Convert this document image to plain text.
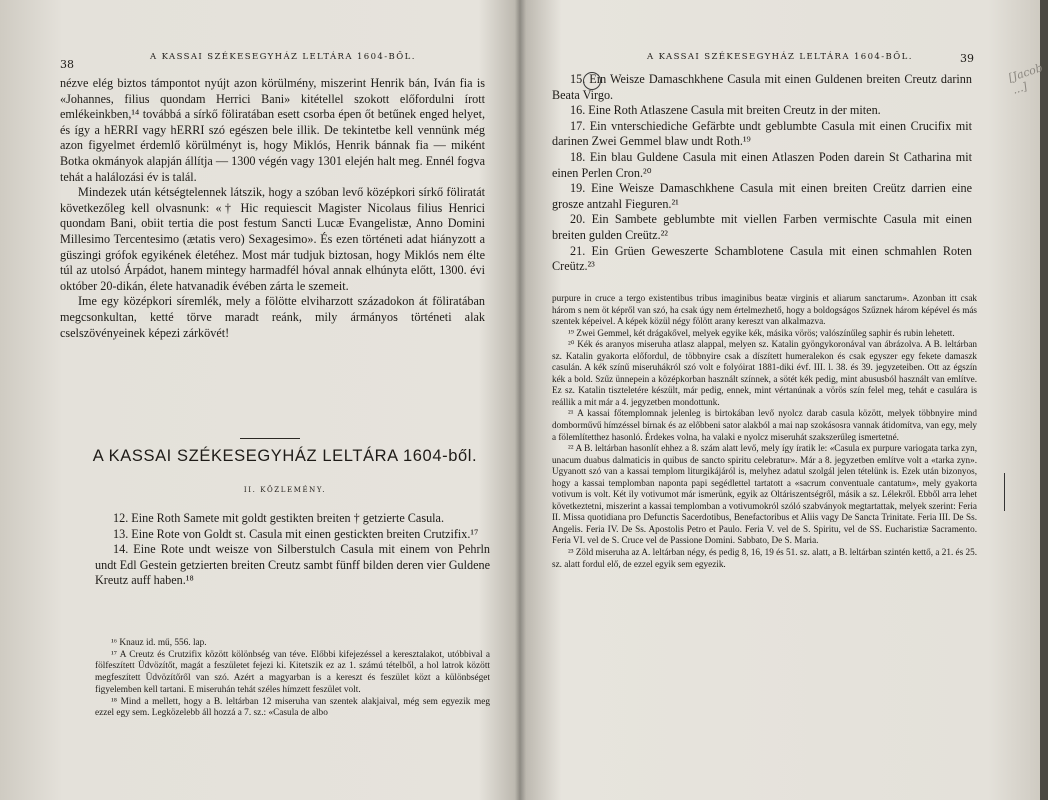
38
A KASSAI SZÉKESEGYHÁZ LELTÁRA 1604-BŐL.

nézve elég biztos támpontot nyújt azon körülmény, miszerint Henrik bán, Iván fia is «Johannes, filius quondam Herrici Bani» kitétellel szokott előfordulni írott emlékeinkben,¹⁴ továbbá a sírkő föliratában esett csorba épen őt betűnek enged helyet, és így a hERRI vagy hERRI szó egészen bele illik. De tekintetbe kell vennünk még azon figyelmet érdemlő körülményt is, hogy Miklós, Henrik bánnak fia — miként Botka okmányok alapján állítja — 1300 végén vagy 1301 elején halt meg. Ennél fogva tehát a halálozási év is talál.

Mindezek után kétségtelennek látszik, hogy a szóban levő középkori sírkő föliratát következőleg kell olvasnunk: «† Hic requiescit Magister Nicolaus filius Henrici quondam Bani, obiit tertia die post festum Sancti Lucæ Evangelistæ, Anno Domini Millesimo Tercentesimo (ætatis vero) Sexagesimo». És ezen történeti adat hiányzott a güszingi grófok egyikének életéhez. Most már tudjuk biztosan, hogy Miklós nem élte túl az utolsó Árpádot, hanem mintegy harmadfél hóval annak elhúnyta előtt, 1300. évi október 20-dikán, élete hatvanadik évében zárta le szemeit.

Ime egy középkori síremlék, mely a fölötte elviharzott századokon át föliratában megcsonkultan, ketté törve maradt reánk, mily ármányos történeti alak cselszövényeinek képezi zárkövét!

A KASSAI SZÉKESEGYHÁZ LELTÁRA 1604-ből.
II. KÖZLEMÉNY.

12. Eine Roth Samete mit goldt gestikten breiten † getzierte Casula.

13. Eine Rote von Goldt st. Casula mit einen gestickten breiten Crutzifix.¹⁷

14. Eine Rote undt weisze von Silberstulch Casula mit einem von Pehrln undt Edl Gestein getzierten breiten Creutz sambt fünff bilden deren vier Guldene Kreutz auff haben.¹⁸

¹⁶ Knauz id. mű, 556. lap.

¹⁷ A Creutz és Crutzifix között kölönbség van téve. Előbbi kifejezéssel a keresztalakot, utóbbival a fölfeszített Üdvözítőt, magát a feszületet fejezi ki. Kitetszik ez az 1. számú tételből, a hol latrok között megfeszített Üdvözítőről van szó. Azért a magyarban is a kereszt és feszület közt a különbséget figyelemben kell tartani. E miseruhán tehát széles hímzett feszület volt.

¹⁸ Mind a mellett, hogy a B. leltárban 12 miseruha van szentek alakjaival, még sem egyezik meg ezzel egy sem. Legközelebb áll hozzá a 7. sz.: «Casula de albo

A KASSAI SZÉKESEGYHÁZ LELTÁRA 1604-BŐL.	39

15. Ein Weisze Damaschkhene Casula mit einen Guldenen breiten Creutz darinn Beata Virgo.

16. Eine Roth Atlaszene Casula mit breiten Creutz in der miten.

17. Ein vnterschiediche Gefärbte undt geblumbte Casula mit einen Crucifix mit darinen Zwei Gemmel blaw undt Roth.¹⁹

18. Ein blau Guldene Casula mit einen Atlaszen Poden darein St Catharina mit einen Perlen Cron.²⁰

19. Eine Weisze Damaschkhene Casula mit einen breiten Creütz darrien eine grosze antzahl Fieguren.²¹

20. Ein Sambete geblumbte mit viellen Farben vermischte Casula mit einen breiten gulden Creütz.²²

21. Ein Grüen Geweszerte Schamblotene Casula mit einen schmahlen Roten Creütz.²³

purpure in cruce a tergo existentibus tribus imaginibus beatæ virginis et aliarum sanctarum». Azonban itt csak három s nem öt képről van szó, ha csak úgy nem értelmezhető, hogy a boldogságos Szűznek három képével és más szentek képeivel. A képek közül négy fölött arany kereszt van alkalmazva.

¹⁹ Zwei Gemmel, két drágakővel, melyek egyike kék, másika vörös; valószínűleg saphir és rubin lehetett.

²⁰ Kék és aranyos miseruha atlasz alappal, melyen sz. Katalin gyöngykoronával van ábrázolva. A B. leltárban sz. Katalin gyakorta előfordul, de többnyire csak a díszített humeralekon és csak egyszer egy fekete damaszk casulán. A kék színű miseruhákról szó volt e folyóirat 1881-diki évf. III. l. 38. és 39. jegyzeteiben. Ott az égszín kék a bold. Szűz ünnepein a középkorban használt színnek, a sötét kék pedig, mint abususból használt van említve. Ez sz. Katalin tiszteletére készült, már pedig, ennek, mint vértanúnak a vörös szín felel meg, tehát e casulára is reállik a mit már a 4. jegyzetben mondottunk.

²¹ A kassai főtemplomnak jelenleg is birtokában levő nyolcz darab casula között, melyek többnyire mind domborművű hímzéssel bírnak és az előbbeni sator alakból a mai nap szokásosra vannak átidomítva, van egy, mely a fölemlítetthez hasonló. Érdekes volna, ha valaki e nyolcz miseruhát szakszerűleg ismertetné.

²² A B. leltárban hasonlít ehhez a 8. szám alatt levő, mely így íratik le: «Casula ex purpure variogata tarka zyn, unacum duabus dalmaticis in quibus de sancto spiritu celebratur». Már a 8. jegyzetben említve volt a «tarka zyn». Ugyanott szó van a kassai templom liturgikájáról is, melyhez adatul szolgál jelen tételünk is. Ezek után bizonyos, hogy a kassai templomban naponta papi segédlettel tartatott a «sacrum conventuale cantatum», mely gyakorta votivum is volt. Két ily votivumot már ismerünk, egyik az Oltáriszentségről, másik a sz. Lélekről. Ebből arra lehet következtetni, miszerint a kassai templomban a votivumokról szóló szabványok megtartattak, melyek szerint: Feria II. Missa quotidiana pro Defunctis Sacerdotibus, Benefactoribus et Aliis vagy De Sancta Trinitate. Feria III. De Ss. Angelis. Feria IV. De Ss. Apostolis Petro et Paulo. Feria V. vel de S. Spiritu, vel de SS. Eucharistiæ Sacramento. Feria VI. vel de S. Cruce vel de Passione Domini. Sabbato, De S. Maria.

²³ Zöld miseruha az A. leltárban négy, és pedig 8, 16, 19 és 51. sz. alatt, a B. leltárban szintén kettő, a 21. és 25. sz. alatt fordul elő, de ezzel egyik sem egyezik.

[Jacob ...]
